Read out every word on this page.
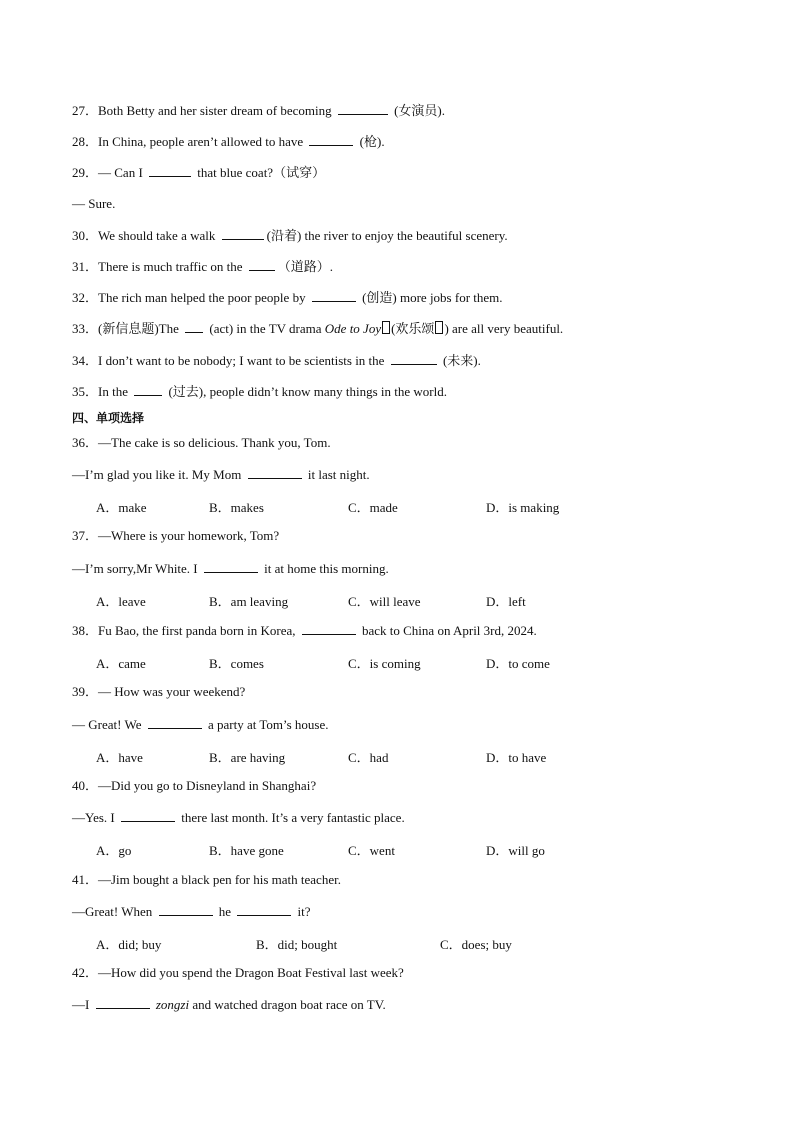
27．Both Betty and her sister dream of becoming	(女演员).
28．In China, people aren’t allowed to have	(枪).
29．— Can I	that blue coat?（试穿）
— Sure.
30．We should take a walk	(沿着) the river to enjoy the beautiful scenery.
31．There is much traffic on the	（道路）.
32．The rich man helped the poor people by	(创造) more jobs for them.
33．(新信息题)The (act) in the TV drama Ode to Joy (欢乐颂 ) are all very beautiful.
34．I don’t want to be nobody; I want to be scientists in the	(未来).
35．In the	(过去), people didn’t know many things in the world.
四、单项选择
36．—The cake is so delicious. Thank you, Tom.
—I’m glad you like it. My Mom	it last night.
A．make	B．makes	C．made	D．is making
37．—Where is your homework, Tom?
—I’m sorry,Mr White. I	it at home this morning.
A．leave	B．am leaving	C．will leave	D．left
38．Fu Bao, the first panda born in Korea,	back to China on April 3rd, 2024.
A．came	B．comes	C．is coming	D．to come
39．— How was your weekend?
— Great! We	a party at Tom’s house.
A．have	B．are having	C．had	D．to have
40．—Did you go to Disneyland in Shanghai?
—Yes. I	there last month. It’s a very fantastic place.
A．go	B．have gone	C．went	D．will go
41．—Jim bought a black pen for his math teacher.
—Great! When	he	it?
A．did; buy	B．did; bought	C．does; buy
42．—How did you spend the Dragon Boat Festival last week?
—I	zongzi and watched dragon boat race on TV.
